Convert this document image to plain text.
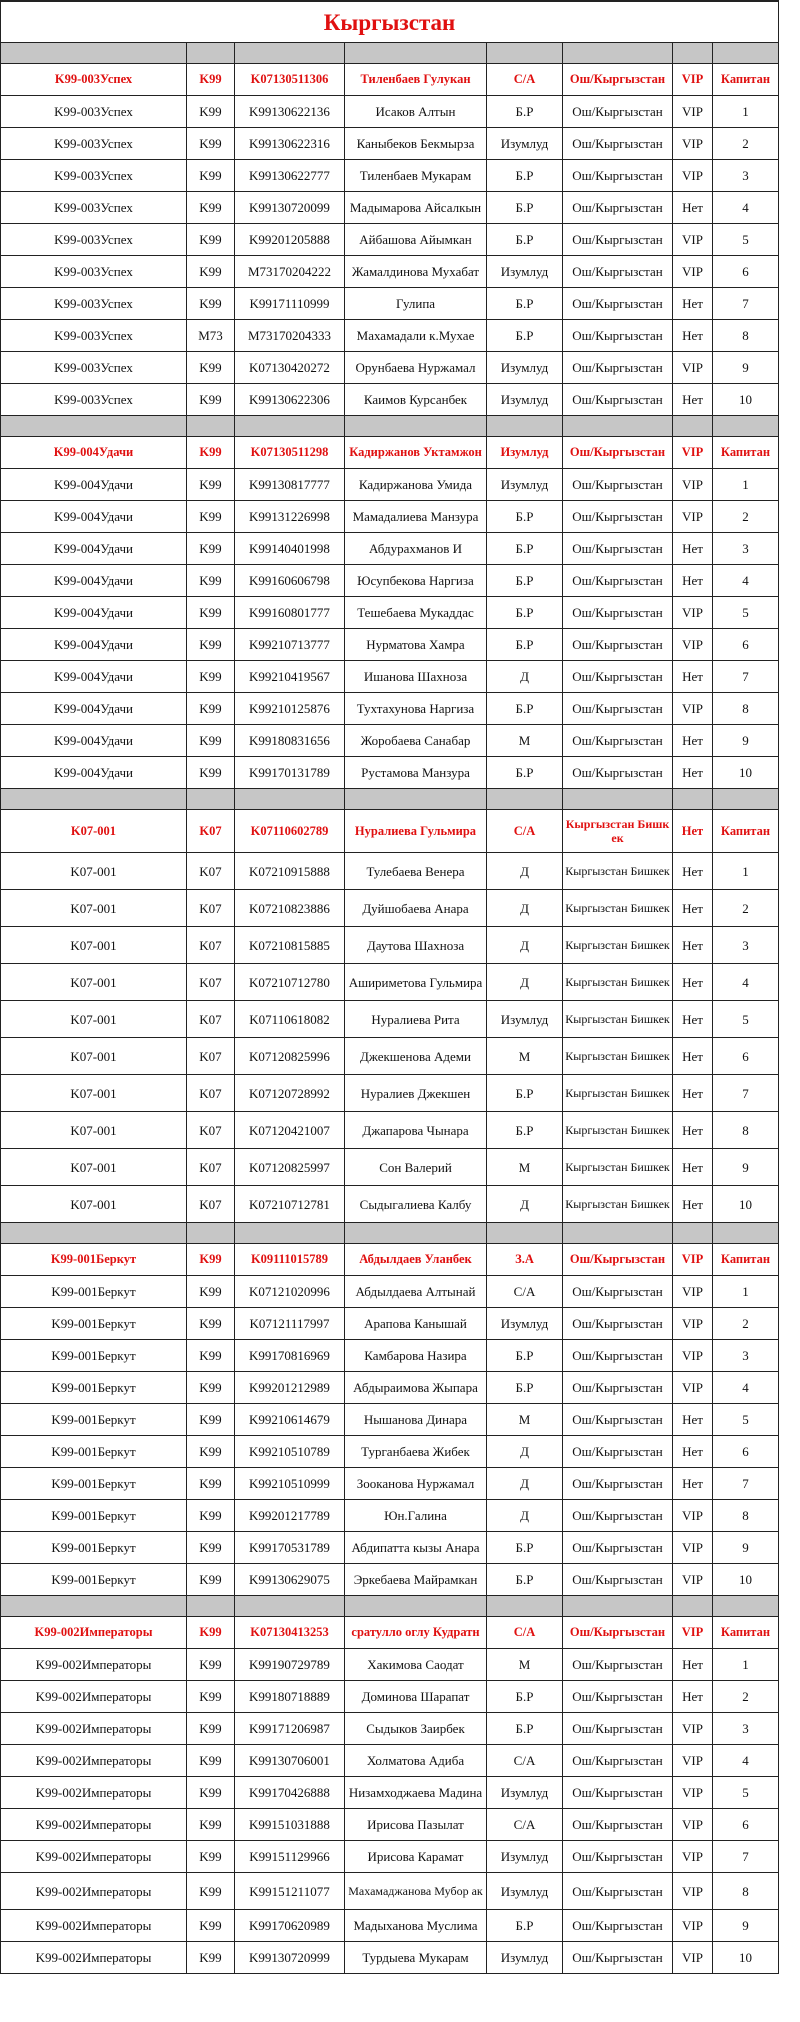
Кыргызстан							

K99-003Успех	K99	K07130511306	Тиленбаев Гулукан	С/А	Ош/Кыргызстан	VIP	Капитан
K99-003Успех	K99	K99130622136	Исаков Алтын	Б.Р	Ош/Кыргызстан	VIP	1
K99-003Успех	K99	K99130622316	Каныбеков Бекмырза	Изумлуд	Ош/Кыргызстан	VIP	2
K99-003Успех	K99	K99130622777	Тиленбаев Мукарам	Б.Р	Ош/Кыргызстан	VIP	3
K99-003Успех	K99	K99130720099	Мадымарова Айсалкын	Б.Р	Ош/Кыргызстан	Нет	4
K99-003Успех	K99	K99201205888	Айбашова Айымкан	Б.Р	Ош/Кыргызстан	VIP	5
K99-003Успех	K99	M73170204222	Жамалдинова Мухабат	Изумлуд	Ош/Кыргызстан	VIP	6
K99-003Успех	K99	K99171110999	Гулипа	Б.Р	Ош/Кыргызстан	Нет	7
K99-003Успех	M73	M73170204333	Махамадали к.Мухае	Б.Р	Ош/Кыргызстан	Нет	8
K99-003Успех	K99	K07130420272	Орунбаева Нуржамал	Изумлуд	Ош/Кыргызстан	VIP	9
K99-003Успех	K99	K99130622306	Каимов Курсанбек	Изумлуд	Ош/Кыргызстан	Нет	10

K99-004Удачи	K99	K07130511298	Кадиржанов Уктамжон	Изумлуд	Ош/Кыргызстан	VIP	Капитан
K99-004Удачи	K99	K99130817777	Кадиржанова Умида	Изумлуд	Ош/Кыргызстан	VIP	1
K99-004Удачи	K99	K99131226998	Мамадалиева Манзура	Б.Р	Ош/Кыргызстан	VIP	2
K99-004Удачи	K99	K99140401998	Абдурахманов И	Б.Р	Ош/Кыргызстан	Нет	3
K99-004Удачи	K99	K99160606798	Юсупбекова Наргиза	Б.Р	Ош/Кыргызстан	Нет	4
K99-004Удачи	K99	K99160801777	Тешебаева Мукаддас	Б.Р	Ош/Кыргызстан	VIP	5
K99-004Удачи	K99	K99210713777	Нурматова Хамра	Б.Р	Ош/Кыргызстан	VIP	6
K99-004Удачи	K99	K99210419567	Ишанова Шахноза	Д	Ош/Кыргызстан	Нет	7
K99-004Удачи	K99	K99210125876	Тухтахунова Наргиза	Б.Р	Ош/Кыргызстан	VIP	8
K99-004Удачи	K99	K99180831656	Жоробаева Санабар	М	Ош/Кыргызстан	Нет	9
K99-004Удачи	K99	K99170131789	Рустамова Манзура	Б.Р	Ош/Кыргызстан	Нет	10

K07-001	K07	K07110602789	Нуралиева Гульмира	С/А	Кыргызстан Бишкек	Нет	Капитан
K07-001	K07	K07210915888	Тулебаева Венера	Д	Кыргызстан Бишкек	Нет	1
K07-001	K07	K07210823886	Дуйшобаева Анара	Д	Кыргызстан Бишкек	Нет	2
K07-001	K07	K07210815885	Даутова Шахноза	Д	Кыргызстан Бишкек	Нет	3
K07-001	K07	K07210712780	Ашириметова Гульмира	Д	Кыргызстан Бишкек	Нет	4
K07-001	K07	K07110618082	Нуралиева Рита	Изумлуд	Кыргызстан Бишкек	Нет	5
K07-001	K07	K07120825996	Джекшенова Адеми	М	Кыргызстан Бишкек	Нет	6
K07-001	K07	K07120728992	Нуралиев Джекшен	Б.Р	Кыргызстан Бишкек	Нет	7
K07-001	K07	K07120421007	Джапарова Чынара	Б.Р	Кыргызстан Бишкек	Нет	8
K07-001	K07	K07120825997	Сон Валерий	М	Кыргызстан Бишкек	Нет	9
K07-001	K07	K07210712781	Сыдыгалиева Калбу	Д	Кыргызстан Бишкек	Нет	10

K99-001Беркут	K99	K09111015789	Абдылдаев Уланбек	З.А	Ош/Кыргызстан	VIP	Капитан
K99-001Беркут	K99	K07121020996	Абдылдаева Алтынай	С/А	Ош/Кыргызстан	VIP	1
K99-001Беркут	K99	K07121117997	Арапова Канышай	Изумлуд	Ош/Кыргызстан	VIP	2
K99-001Беркут	K99	K99170816969	Камбарова Назира	Б.Р	Ош/Кыргызстан	VIP	3
K99-001Беркут	K99	K99201212989	Абдыраимова Жыпара	Б.Р	Ош/Кыргызстан	VIP	4
K99-001Беркут	K99	K99210614679	Нышанова Динара	М	Ош/Кыргызстан	Нет	5
K99-001Беркут	K99	K99210510789	Турганбаева Жибек	Д	Ош/Кыргызстан	Нет	6
K99-001Беркут	K99	K99210510999	Зооканова Нуржамал	Д	Ош/Кыргызстан	Нет	7
K99-001Беркут	K99	K99201217789	Юн.Галина	Д	Ош/Кыргызстан	VIP	8
K99-001Беркут	K99	K99170531789	Абдипатта кызы Анара	Б.Р	Ош/Кыргызстан	VIP	9
K99-001Беркут	K99	K99130629075	Эркебаева Майрамкан	Б.Р	Ош/Кыргызстан	VIP	10

K99-002Императоры	K99	K07130413253	сратулло оглу Кудратн	С/А	Ош/Кыргызстан	VIP	Капитан
K99-002Императоры	K99	K99190729789	Хакимова Саодат	М	Ош/Кыргызстан	Нет	1
K99-002Императоры	K99	K99180718889	Доминова Шарапат	Б.Р	Ош/Кыргызстан	Нет	2
K99-002Императоры	K99	K99171206987	Сыдыков Заирбек	Б.Р	Ош/Кыргызстан	VIP	3
K99-002Императоры	K99	K99130706001	Холматова Адиба	С/А	Ош/Кыргызстан	VIP	4
K99-002Императоры	K99	K99170426888	Низамходжаева Мадина	Изумлуд	Ош/Кыргызстан	VIP	5
K99-002Императоры	K99	K99151031888	Ирисова Пазылат	С/А	Ош/Кыргызстан	VIP	6
K99-002Императоры	K99	K99151129966	Ирисова Карамат	Изумлуд	Ош/Кыргызстан	VIP	7
K99-002Императоры	K99	K99151211077	Махамаджанова Мубор ак	Изумлуд	Ош/Кыргызстан	VIP	8
K99-002Императоры	K99	K99170620989	Мадыханова Муслима	Б.Р	Ош/Кыргызстан	VIP	9
K99-002Императоры	K99	K99130720999	Турдыева Мукарам	Изумлуд	Ош/Кыргызстан	VIP	10
